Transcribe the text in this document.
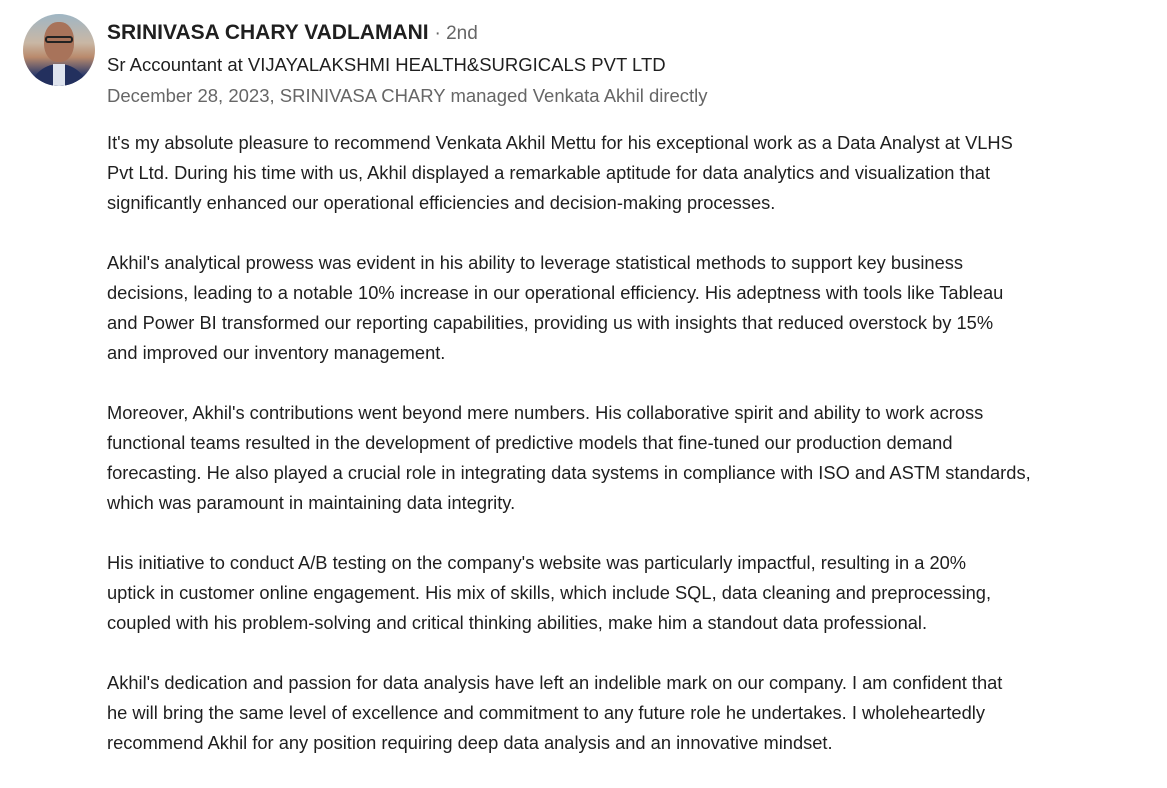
SRINIVASA CHARY VADLAMANI · 2nd
Sr Accountant at VIJAYALAKSHMI HEALTH&SURGICALS PVT LTD
December 28, 2023, SRINIVASA CHARY managed Venkata Akhil directly
It's my absolute pleasure to recommend Venkata Akhil Mettu for his exceptional work as a Data Analyst at VLHS
Pvt Ltd. During his time with us, Akhil displayed a remarkable aptitude for data analytics and visualization that
significantly enhanced our operational efficiencies and decision-making processes.
Akhil's analytical prowess was evident in his ability to leverage statistical methods to support key business
decisions, leading to a notable 10% increase in our operational efficiency. His adeptness with tools like Tableau
and Power BI transformed our reporting capabilities, providing us with insights that reduced overstock by 15%
and improved our inventory management.
Moreover, Akhil's contributions went beyond mere numbers. His collaborative spirit and ability to work across
functional teams resulted in the development of predictive models that fine-tuned our production demand
forecasting. He also played a crucial role in integrating data systems in compliance with ISO and ASTM standards,
which was paramount in maintaining data integrity.
His initiative to conduct A/B testing on the company's website was particularly impactful, resulting in a 20%
uptick in customer online engagement. His mix of skills, which include SQL, data cleaning and preprocessing,
coupled with his problem-solving and critical thinking abilities, make him a standout data professional.
Akhil's dedication and passion for data analysis have left an indelible mark on our company. I am confident that
he will bring the same level of excellence and commitment to any future role he undertakes. I wholeheartedly
recommend Akhil for any position requiring deep data analysis and an innovative mindset.
